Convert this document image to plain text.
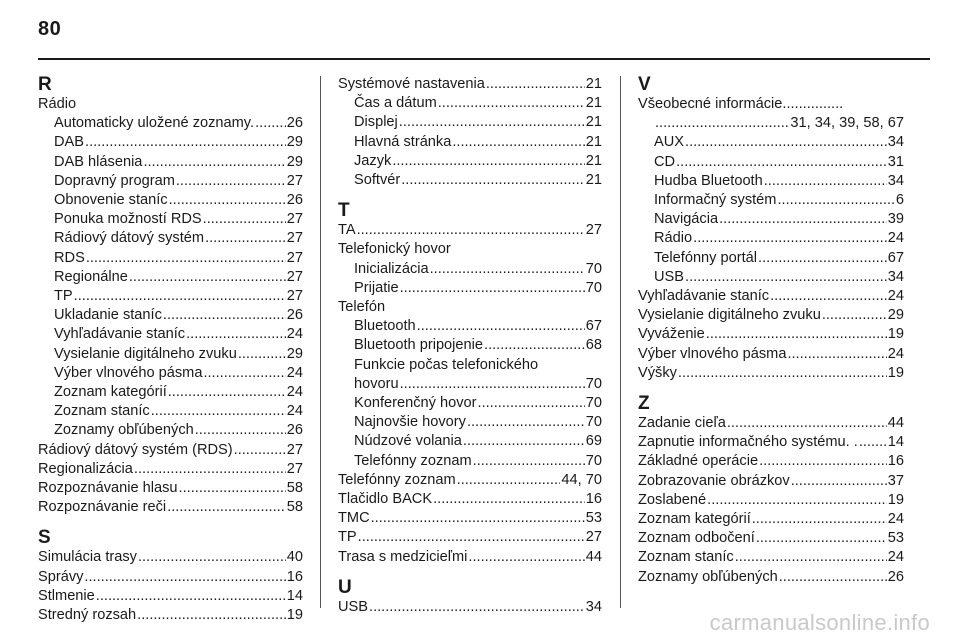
80
R
Rádio
Automaticky uložené zoznamy. ..... 26
DAB .....	29
DAB hlásenia .....	29
Dopravný program .....	27
Obnovenie staníc .....	26
Ponuka možností RDS .....	27
Rádiový dátový systém .....	27
RDS .....	27
Regionálne .....	27
TP .....	27
Ukladanie staníc .....	26
Vyhľadávanie staníc .....	24
Vysielanie digitálneho zvuku .....	29
Výber vlnového pásma .....	24
Zoznam kategórií .....	24
Zoznam staníc .....	24
Zoznamy obľúbených .....	26
Rádiový dátový systém (RDS) .....	27
Regionalizácia .....	27
Rozpoznávanie hlasu .....	58
Rozpoznávanie reči .....	58
S
Simulácia trasy .....	40
Správy .....	16
Stlmenie .....	14
Stredný rozsah .....	19
Systémové nastavenia .....	21
Čas a dátum .....	21
Displej .....	21
Hlavná stránka .....	21
Jazyk .....	21
Softvér .....	21
T
TA .....	27
Telefonický hovor
Inicializácia .....	70
Prijatie .....	70
Telefón
Bluetooth .....	67
Bluetooth pripojenie .....	68
Funkcie počas telefonického
hovoru .....	70
Konferenčný hovor .....	70
Najnovšie hovory .....	70
Núdzové volania .....	69
Telefónny zoznam .....	70
Telefónny zoznam .....	44, 70
Tlačidlo BACK .....	16
TMC .....	53
TP .....	27
Trasa s medzicieľmi .....	44
U
USB .....	34
V
Všeobecné informácie...............
.....
31, 34, 39, 58, 67
AUX .....	34
CD .....	31
Hudba Bluetooth .....	34
Informačný systém .....	6
Navigácia .....	39
Rádio .....	24
Telefónny portál .....	67
USB .....	34
Vyhľadávanie staníc .....	24
Vysielanie digitálneho zvuku .....	29
Vyváženie .....	19
Výber vlnového pásma .....	24
Výšky .....	19
Z
Zadanie cieľa .....	44
Zapnutie informačného systému. . ..... 14
Základné operácie .....	16
Zobrazovanie obrázkov .....	37
Zoslabené .....	19
Zoznam kategórií .....	24
Zoznam odbočení .....	53
Zoznam staníc .....	24
Zoznamy obľúbených .....	26
carmanualsonline.info
